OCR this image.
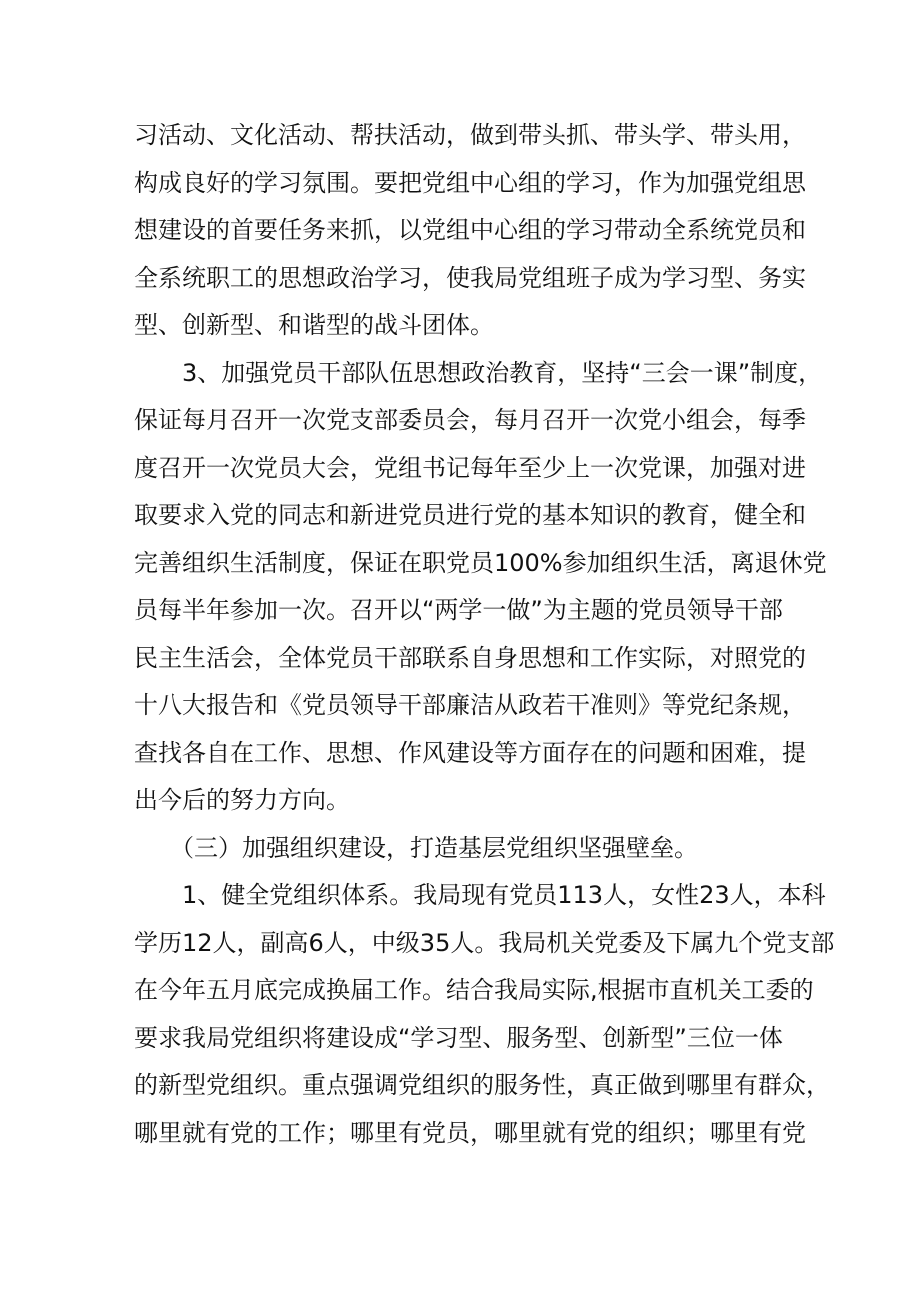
习活动、文化活动、帮扶活动，做到带头抓、带头学、带头用，
构成良好的学习氛围。要把党组中心组的学习，作为加强党组思
想建设的首要任务来抓，以党组中心组的学习带动全系统党员和
全系统职工的思想政治学习，使我局党组班子成为学习型、务实
型、创新型、和谐型的战斗团体。
　　3、加强党员干部队伍思想政治教育，坚持“三会一课”制度，
保证每月召开一次党支部委员会，每月召开一次党小组会，每季
度召开一次党员大会，党组书记每年至少上一次党课，加强对进
取要求入党的同志和新进党员进行党的基本知识的教育，健全和
完善组织生活制度，保证在职党员100%参加组织生活，离退休党
员每半年参加一次。召开以“两学一做”为主题的党员领导干部
民主生活会，全体党员干部联系自身思想和工作实际，对照党的
十八大报告和《党员领导干部廉洁从政若干准则》等党纪条规，
查找各自在工作、思想、作风建设等方面存在的问题和困难，提
出今后的努力方向。
　　（三）加强组织建设，打造基层党组织坚强壁垒。
　　1、健全党组织体系。我局现有党员113人，女性23人，本科
学历12人，副高6人，中级35人。我局机关党委及下属九个党支部
在今年五月底完成换届工作。结合我局实际,根据市直机关工委的
要求我局党组织将建设成“学习型、服务型、创新型”三位一体
的新型党组织。重点强调党组织的服务性，真正做到哪里有群众，
哪里就有党的工作；哪里有党员，哪里就有党的组织；哪里有党
